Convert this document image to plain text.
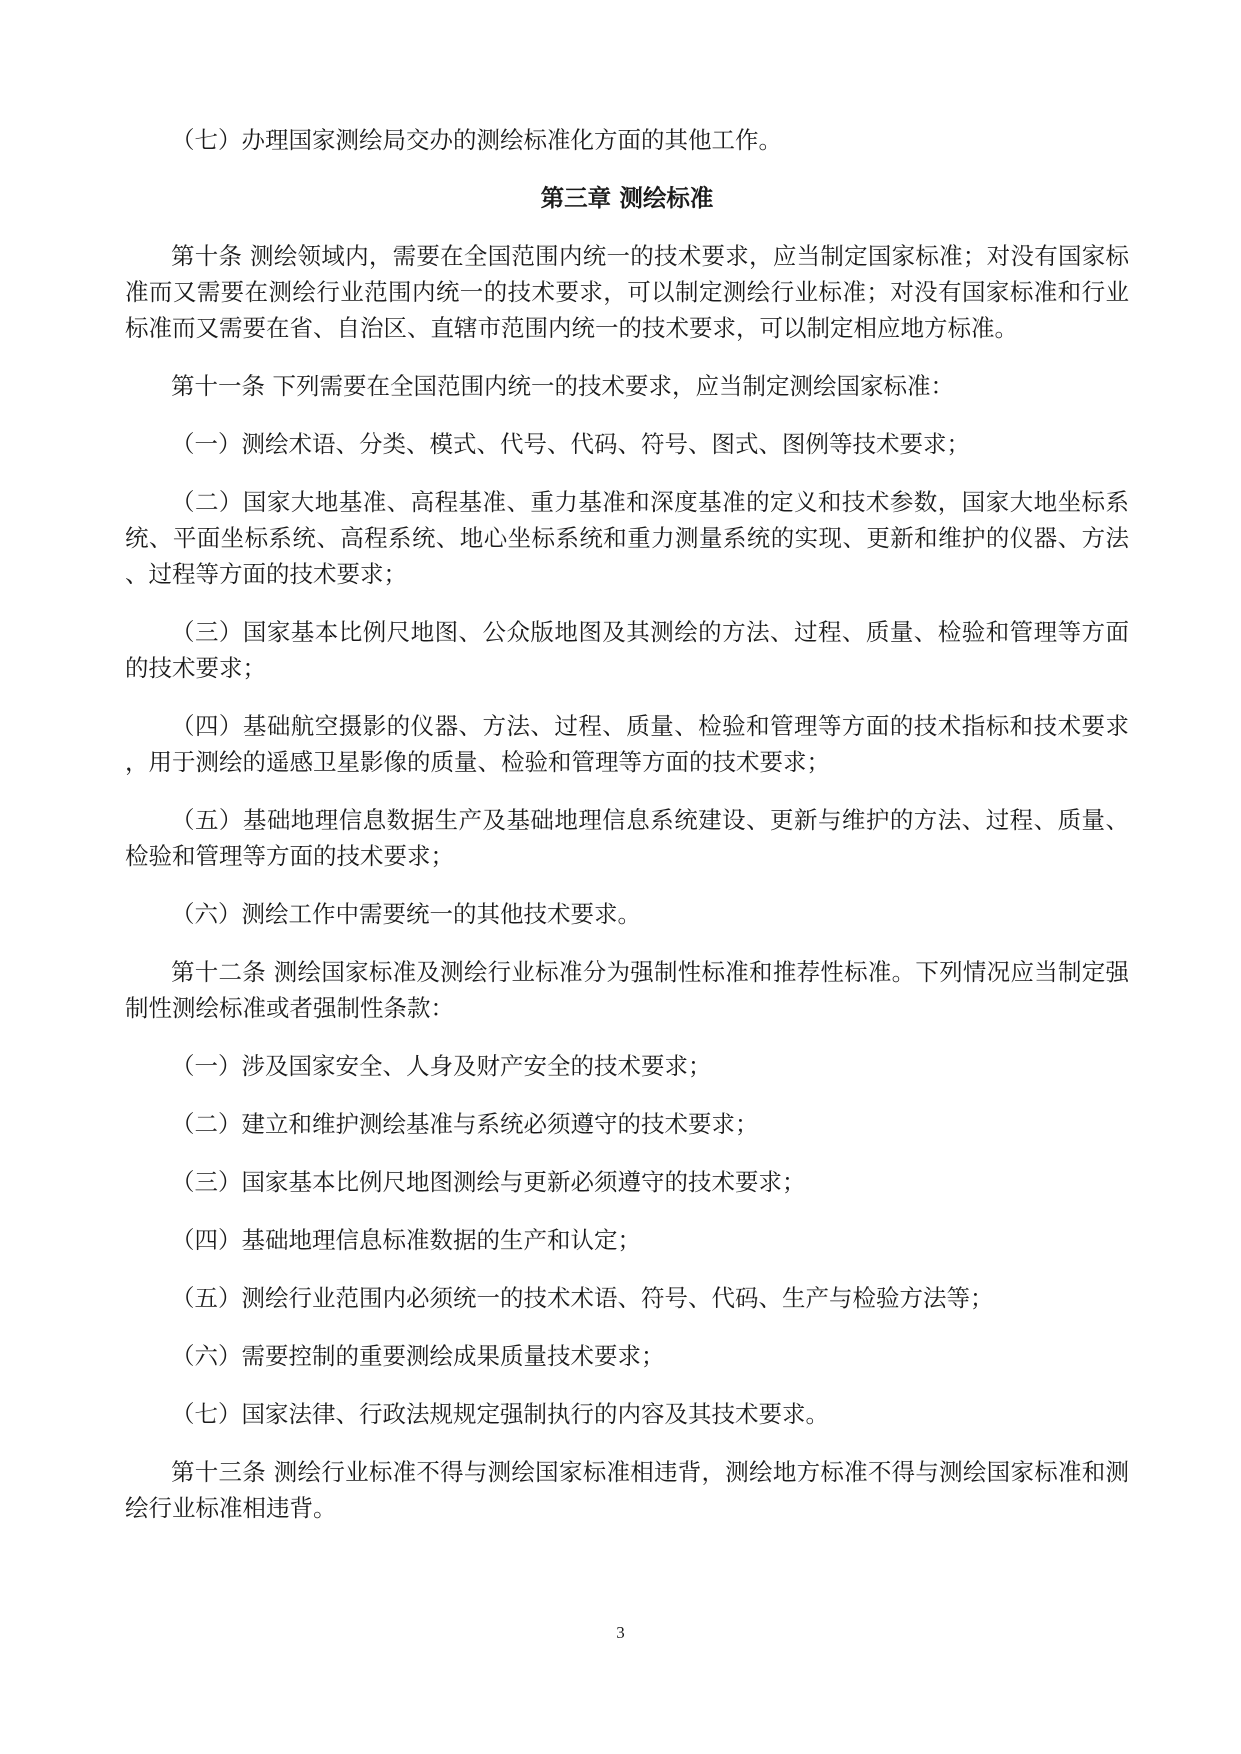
（七）办理国家测绘局交办的测绘标准化方面的其他工作。

第三章 测绘标准

第十条 测绘领域内，需要在全国范围内统一的技术要求，应当制定国家标准；对没有国家标准而又需要在测绘行业范围内统一的技术要求，可以制定测绘行业标准；对没有国家标准和行业标准而又需要在省、自治区、直辖市范围内统一的技术要求，可以制定相应地方标准。

第十一条 下列需要在全国范围内统一的技术要求，应当制定测绘国家标准：

（一）测绘术语、分类、模式、代号、代码、符号、图式、图例等技术要求；

（二）国家大地基准、高程基准、重力基准和深度基准的定义和技术参数，国家大地坐标系统、平面坐标系统、高程系统、地心坐标系统和重力测量系统的实现、更新和维护的仪器、方法、过程等方面的技术要求；

（三）国家基本比例尺地图、公众版地图及其测绘的方法、过程、质量、检验和管理等方面的技术要求；

（四）基础航空摄影的仪器、方法、过程、质量、检验和管理等方面的技术指标和技术要求，用于测绘的遥感卫星影像的质量、检验和管理等方面的技术要求；

（五）基础地理信息数据生产及基础地理信息系统建设、更新与维护的方法、过程、质量、检验和管理等方面的技术要求；

（六）测绘工作中需要统一的其他技术要求。

第十二条 测绘国家标准及测绘行业标准分为强制性标准和推荐性标准。下列情况应当制定强制性测绘标准或者强制性条款：

（一）涉及国家安全、人身及财产安全的技术要求；

（二）建立和维护测绘基准与系统必须遵守的技术要求；

（三）国家基本比例尺地图测绘与更新必须遵守的技术要求；

（四）基础地理信息标准数据的生产和认定；

（五）测绘行业范围内必须统一的技术术语、符号、代码、生产与检验方法等；

（六）需要控制的重要测绘成果质量技术要求；

（七）国家法律、行政法规规定强制执行的内容及其技术要求。

第十三条 测绘行业标准不得与测绘国家标准相违背，测绘地方标准不得与测绘国家标准和测绘行业标准相违背。

3
